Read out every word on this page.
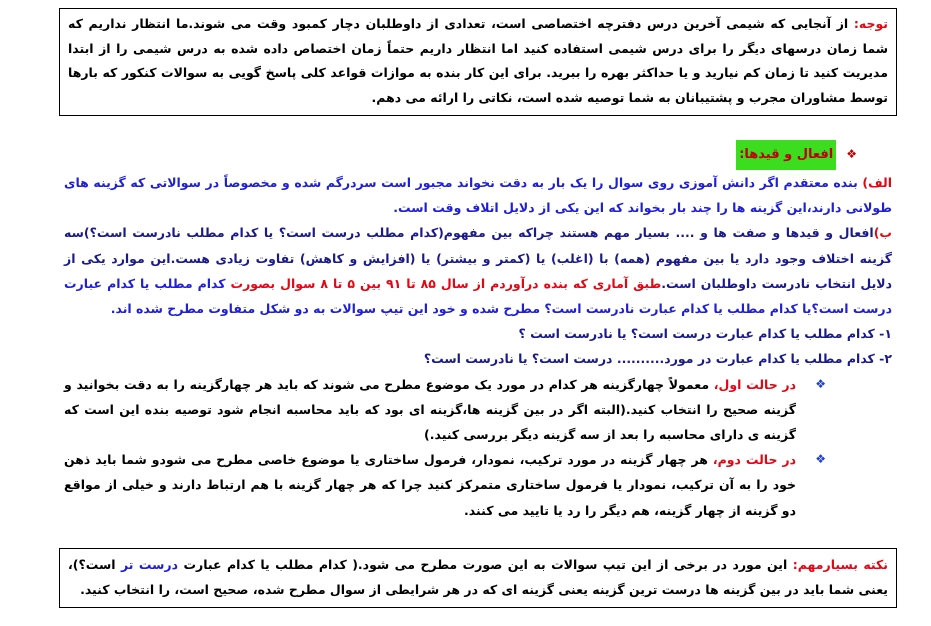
توجه: از آنجایی که شیمی آخرین درس دفترچه اختصاصی است، تعدادی از داوطلبان دچار کمبود وقت می شوند.ما انتظار نداریم که شما زمان درسهای دیگر را برای درس شیمی استفاده کنید اما انتظار داریم حتماً زمان اختصاص داده شده به درس شیمی را از ابتدا مدیریت کنید تا زمان کم نیارید و یا حداکثر بهره را ببرید. برای این کار بنده به موازات قواعد کلی پاسخ گویی به سوالات کنکور که بارها توسط مشاوران مجرب و پشتیبانان به شما توصیه شده است، نکاتی را ارائه می دهم.
❖
افعال و قیدها:

الف) بنده معتقدم اگر دانش آموزی روی سوال را یک بار به دقت نخواند مجبور است سردرگم شده و مخصوصاً در سوالاتی که گزینه های طولانی دارند،این گزینه ها را چند بار بخواند که این یکی از دلایل اتلاف وقت است.

ب)افعال و قیدها و صفت ها و .... بسیار مهم هستند چراکه بین مفهوم(کدام مطلب درست است؟ یا کدام مطلب نادرست است؟)سه گزینه اختلاف وجود دارد یا بین مفهوم (همه) با (اغلب) یا (کمتر و بیشتر) یا (افزایش و کاهش) تفاوت زیادی هست.این موارد یکی از دلایل انتخاب نادرست داوطلبان است.طبق آماری که بنده درآوردم از سال ۸۵ تا ۹۱ بین ۵ تا ۸ سوال بصورت کدام مطلب یا کدام عبارت درست است؟یا کدام مطلب یا کدام عبارت نادرست است؟ مطرح شده و خود این تیپ سوالات به دو شکل متفاوت مطرح شده اند.

۱- کدام مطلب یا کدام عبارت درست است؟ یا نادرست است ؟

۲- کدام مطلب یا کدام عبارت در مورد.......... درست است؟ یا نادرست است؟

❖
در حالت اول، معمولاً چهارگزینه هر کدام در مورد یک موضوع مطرح می شوند که باید هر چهارگزینه را به دقت بخوانید و گزینه صحیح را انتخاب کنید.(البته اگر در بین گزینه ها،گزینه ای بود که باید محاسبه انجام شود توصیه بنده این است که گزینه ی دارای محاسبه را بعد از سه گزینه دیگر بررسی کنید.)

❖
در حالت دوم، هر چهار گزینه در مورد ترکیب، نمودار، فرمول ساختاری یا موضوع خاصی مطرح می شودو شما باید ذهن خود را به آن ترکیب، نمودار یا فرمول ساختاری متمرکز کنید چرا که هر چهار گزینه با هم ارتباط دارند و خیلی از مواقع دو گزینه از چهار گزینه، هم دیگر را رد یا تایید می کنند.

نکته بسیارمهم: این مورد در برخی از این تیپ سوالات به این صورت مطرح می شود.( کدام مطلب یا کدام عبارت درست تر است؟)، یعنی شما باید در بین گزینه ها درست ترین گزینه یعنی گزینه ای که در هر شرایطی از سوال مطرح شده، صحیح است، را انتخاب کنید.
